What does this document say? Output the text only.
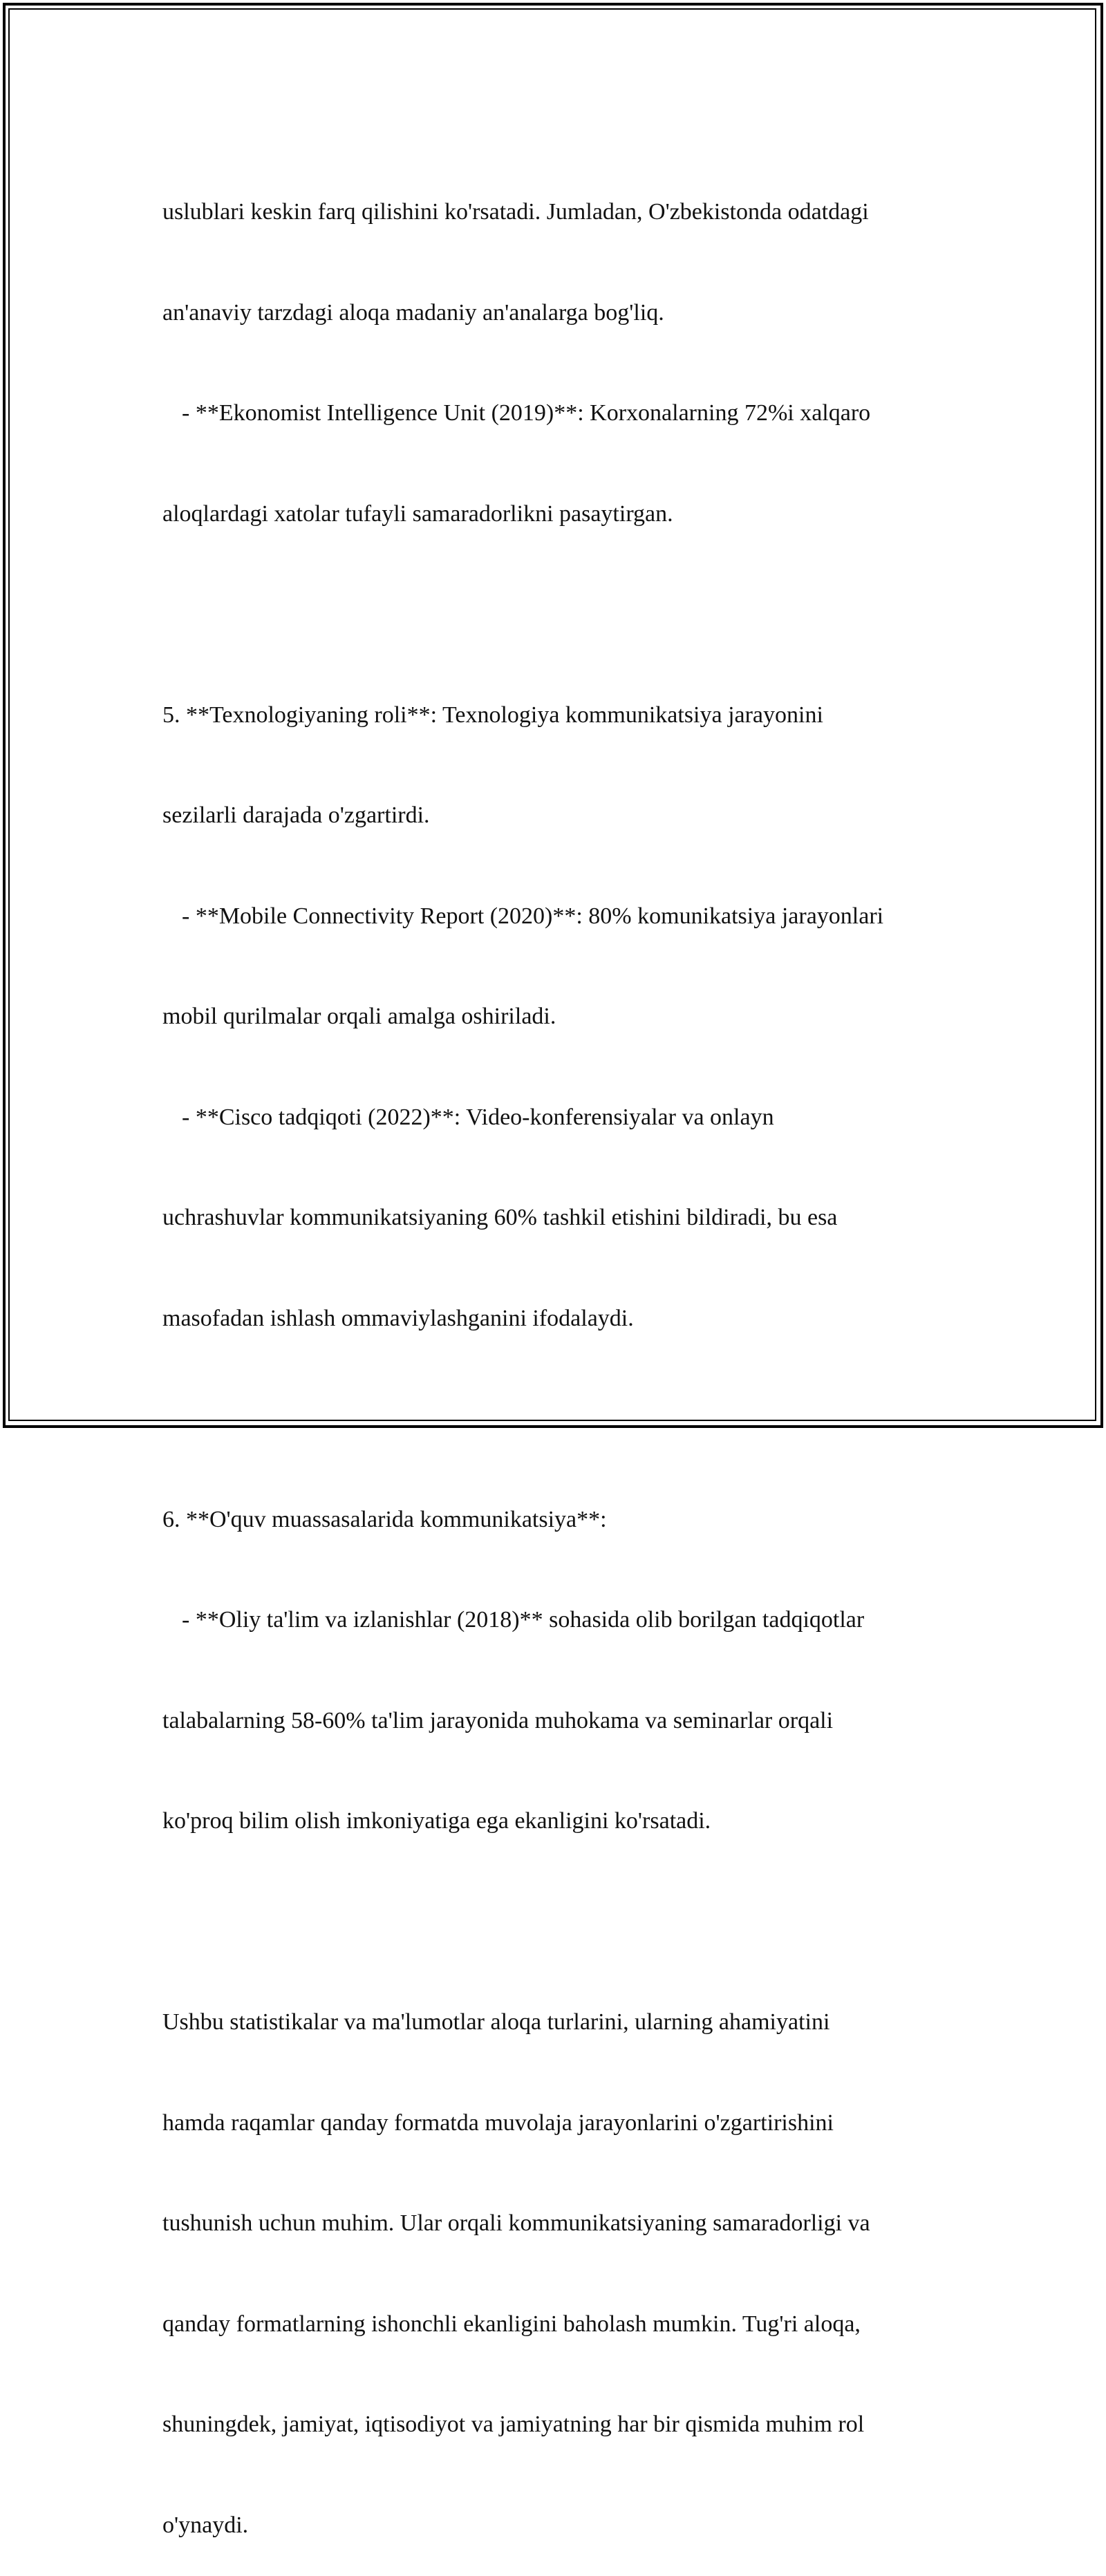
uslublari keskin farq qilishini ko'rsatadi. Jumladan, O'zbekistonda odatdagi

an'anaviy tarzdagi aloqa madaniy an'analarga bog'liq.

- **Ekonomist Intelligence Unit (2019)**: Korxonalarning 72%i xalqaro

aloqlardagi xatolar tufayli samaradorlikni pasaytirgan.

5. **Texnologiyaning roli**: Texnologiya kommunikatsiya jarayonini

sezilarli darajada o'zgartirdi.

- **Mobile Connectivity Report (2020)**: 80% komunikatsiya jarayonlari

mobil qurilmalar orqali amalga oshiriladi.

- **Cisco tadqiqoti (2022)**: Video-konferensiyalar va onlayn

uchrashuvlar kommunikatsiyaning 60% tashkil etishini bildiradi, bu esa

masofadan ishlash ommaviylashganini ifodalaydi.

6. **O'quv muassasalarida kommunikatsiya**:

- **Oliy ta'lim va izlanishlar (2018)** sohasida olib borilgan tadqiqotlar

talabalarning 58-60% ta'lim jarayonida muhokama va seminarlar orqali

ko'proq bilim olish imkoniyatiga ega ekanligini ko'rsatadi.

Ushbu statistikalar va ma'lumotlar aloqa turlarini, ularning ahamiyatini

hamda raqamlar qanday formatda muvolaja jarayonlarini o'zgartirishini

tushunish uchun muhim. Ular orqali kommunikatsiyaning samaradorligi va

qanday formatlarning ishonchli ekanligini baholash mumkin. Tug'ri aloqa,

shuningdek, jamiyat, iqtisodiyot va jamiyatning har bir qismida muhim rol

o'ynaydi.
